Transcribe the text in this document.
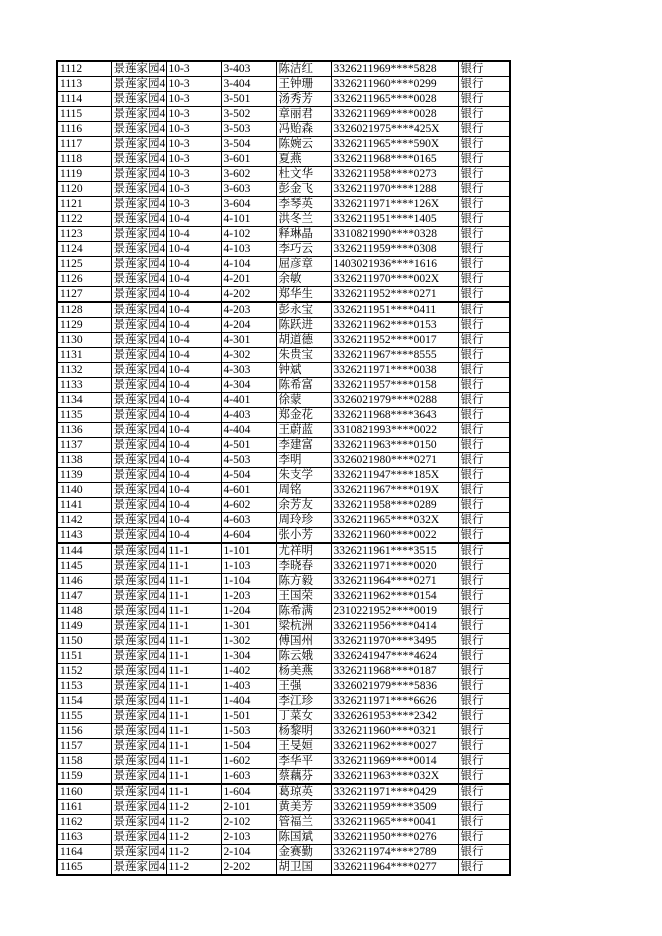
1112	景莲家园4	10-3	3-403	陈洁红	3326211969****5828	银行
1113	景莲家园4	10-3	3-404	王钟珊	3326211960****0299	银行
1114	景莲家园4	10-3	3-501	汤秀芳	3326211965****0028	银行
1115	景莲家园4	10-3	3-502	章丽君	3326211969****0028	银行
1116	景莲家园4	10-3	3-503	冯贻森	3326021975****425X	银行
1117	景莲家园4	10-3	3-504	陈婉云	3326211965****590X	银行
1118	景莲家园4	10-3	3-601	夏燕	3326211968****0165	银行
1119	景莲家园4	10-3	3-602	杜文华	3326211958****0273	银行
1120	景莲家园4	10-3	3-603	彭金飞	3326211970****1288	银行
1121	景莲家园4	10-3	3-604	李琴英	3326211971****126X	银行
1122	景莲家园4	10-4	4-101	洪冬兰	3326211951****1405	银行
1123	景莲家园4	10-4	4-102	释琳晶	3310821990****0328	银行
1124	景莲家园4	10-4	4-103	李巧云	3326211959****0308	银行
1125	景莲家园4	10-4	4-104	屈彦章	1403021936****1616	银行
1126	景莲家园4	10-4	4-201	余敏	3326211970****002X	银行
1127	景莲家园4	10-4	4-202	郑华生	3326211952****0271	银行
1128	景莲家园4	10-4	4-203	彭永宝	3326211951****0411	银行
1129	景莲家园4	10-4	4-204	陈跃进	3326211962****0153	银行
1130	景莲家园4	10-4	4-301	胡道德	3326211952****0017	银行
1131	景莲家园4	10-4	4-302	朱贵宝	3326211967****8555	银行
1132	景莲家园4	10-4	4-303	钟斌	3326211971****0038	银行
1133	景莲家园4	10-4	4-304	陈希富	3326211957****0158	银行
1134	景莲家园4	10-4	4-401	徐蒙	3326021979****0288	银行
1135	景莲家园4	10-4	4-403	郑金花	3326211968****3643	银行
1136	景莲家园4	10-4	4-404	王蔚蓝	3310821993****0022	银行
1137	景莲家园4	10-4	4-501	李建富	3326211963****0150	银行
1138	景莲家园4	10-4	4-503	李明	3326021980****0271	银行
1139	景莲家园4	10-4	4-504	朱支学	3326211947****185X	银行
1140	景莲家园4	10-4	4-601	周铭	3326211967****019X	银行
1141	景莲家园4	10-4	4-602	余芳友	3326211958****0289	银行
1142	景莲家园4	10-4	4-603	周玲珍	3326211965****032X	银行
1143	景莲家园4	10-4	4-604	张小芳	3326211960****0022	银行
1144	景莲家园4	11-1	1-101	尤祥明	3326211961****3515	银行
1145	景莲家园4	11-1	1-103	李晓春	3326211971****0020	银行
1146	景莲家园4	11-1	1-104	陈方毅	3326211964****0271	银行
1147	景莲家园4	11-1	1-203	王国荣	3326211962****0154	银行
1148	景莲家园4	11-1	1-204	陈希满	2310221952****0019	银行
1149	景莲家园4	11-1	1-301	梁杭洲	3326211956****0414	银行
1150	景莲家园4	11-1	1-302	傅国州	3326211970****3495	银行
1151	景莲家园4	11-1	1-304	陈云娥	3326241947****4624	银行
1152	景莲家园4	11-1	1-402	杨美燕	3326211968****0187	银行
1153	景莲家园4	11-1	1-403	王强	3326021979****5836	银行
1154	景莲家园4	11-1	1-404	李江珍	3326211971****6626	银行
1155	景莲家园4	11-1	1-501	丁菜女	3326261953****2342	银行
1156	景莲家园4	11-1	1-503	杨黎明	3326211960****0321	银行
1157	景莲家园4	11-1	1-504	王旻姮	3326211962****0027	银行
1158	景莲家园4	11-1	1-602	李华平	3326211969****0014	银行
1159	景莲家园4	11-1	1-603	蔡藕芬	3326211963****032X	银行
1160	景莲家园4	11-1	1-604	葛琼英	3326211971****0429	银行
1161	景莲家园4	11-2	2-101	黄美芳	3326211959****3509	银行
1162	景莲家园4	11-2	2-102	管福兰	3326211965****0041	银行
1163	景莲家园4	11-2	2-103	陈国斌	3326211950****0276	银行
1164	景莲家园4	11-2	2-104	金赛勤	3326211974****2789	银行
1165	景莲家园4	11-2	2-202	胡卫国	3326211964****0277	银行
